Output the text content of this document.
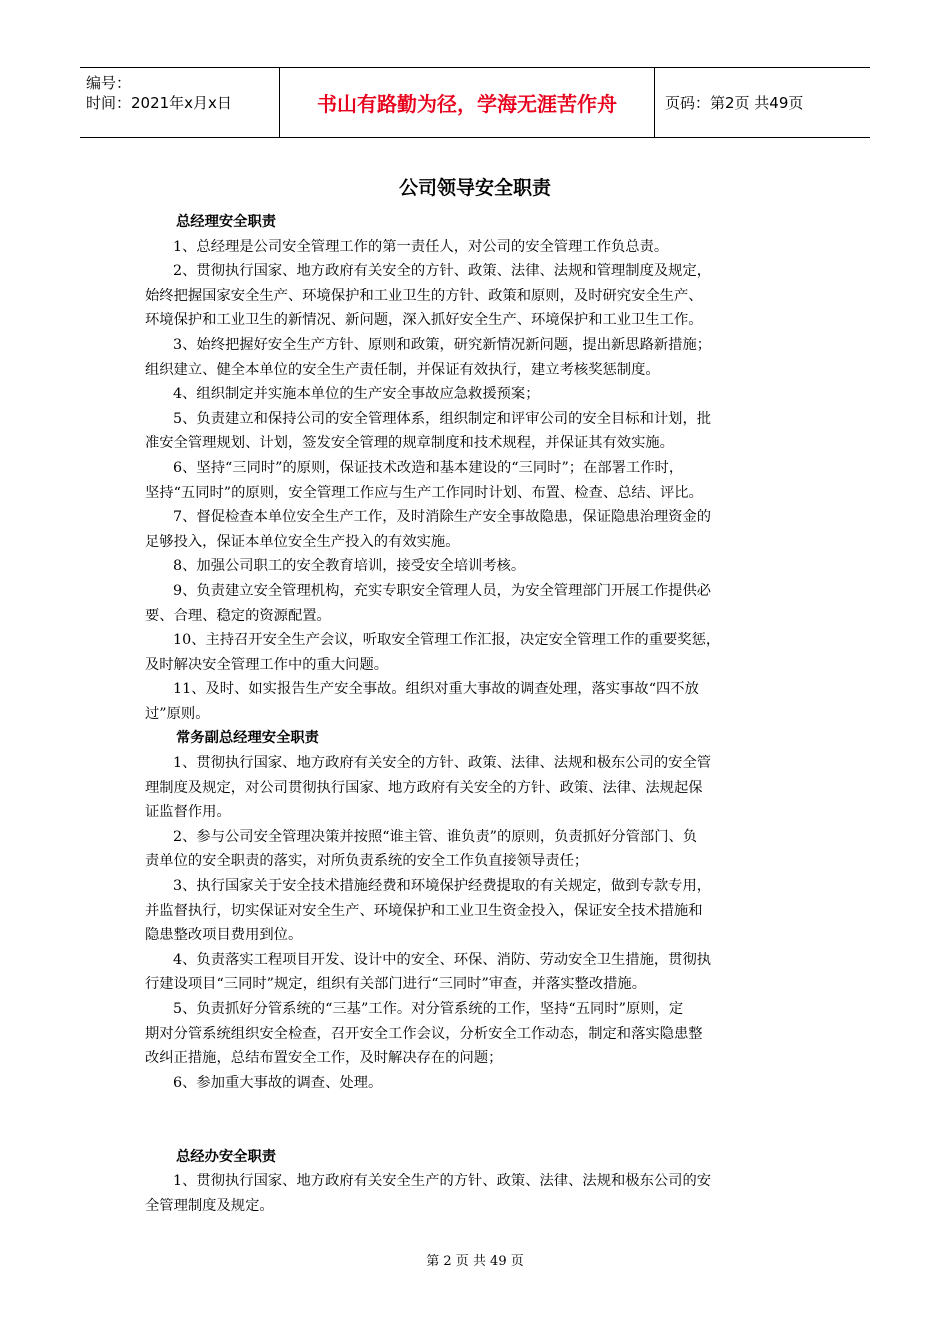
编号：
时间：2021年x月x日	书山有路勤为径，学海无涯苦作舟	页码：第2页 共49页
公司领导安全职责
总经理安全职责
1、总经理是公司安全管理工作的第一责任人，对公司的安全管理工作负总责。
2、贯彻执行国家、地方政府有关安全的方针、政策、法律、法规和管理制度及规定，
始终把握国家安全生产、环境保护和工业卫生的方针、政策和原则，及时研究安全生产、
环境保护和工业卫生的新情况、新问题，深入抓好安全生产、环境保护和工业卫生工作。
3、始终把握好安全生产方针、原则和政策，研究新情况新问题，提出新思路新措施；
组织建立、健全本单位的安全生产责任制，并保证有效执行，建立考核奖惩制度。
4、组织制定并实施本单位的生产安全事故应急救援预案；
5、负责建立和保持公司的安全管理体系，组织制定和评审公司的安全目标和计划，批
准安全管理规划、计划，签发安全管理的规章制度和技术规程，并保证其有效实施。
6、坚持“三同时”的原则，保证技术改造和基本建设的“三同时”；在部署工作时，
坚持“五同时”的原则，安全管理工作应与生产工作同时计划、布置、检查、总结、评比。
7、督促检查本单位安全生产工作，及时消除生产安全事故隐患，保证隐患治理资金的
足够投入，保证本单位安全生产投入的有效实施。
8、加强公司职工的安全教育培训，接受安全培训考核。
9、负责建立安全管理机构，充实专职安全管理人员，为安全管理部门开展工作提供必
要、合理、稳定的资源配置。
10、主持召开安全生产会议，听取安全管理工作汇报，决定安全管理工作的重要奖惩，
及时解决安全管理工作中的重大问题。
11、及时、如实报告生产安全事故。组织对重大事故的调查处理，落实事故“四不放
过”原则。
常务副总经理安全职责
1、贯彻执行国家、地方政府有关安全的方针、政策、法律、法规和极东公司的安全管
理制度及规定，对公司贯彻执行国家、地方政府有关安全的方针、政策、法律、法规起保
证监督作用。
2、参与公司安全管理决策并按照“谁主管、谁负责”的原则，负责抓好分管部门、负
责单位的安全职责的落实，对所负责系统的安全工作负直接领导责任；
3、执行国家关于安全技术措施经费和环境保护经费提取的有关规定，做到专款专用，
并监督执行，切实保证对安全生产、环境保护和工业卫生资金投入，保证安全技术措施和
隐患整改项目费用到位。
4、负责落实工程项目开发、设计中的安全、环保、消防、劳动安全卫生措施，贯彻执
行建设项目“三同时”规定，组织有关部门进行“三同时”审查，并落实整改措施。
5、负责抓好分管系统的“三基”工作。对分管系统的工作，坚持“五同时”原则，定
期对分管系统组织安全检查，召开安全工作会议，分析安全工作动态，制定和落实隐患整
改纠正措施，总结布置安全工作，及时解决存在的问题；
6、参加重大事故的调查、处理。
总经办安全职责
1、贯彻执行国家、地方政府有关安全生产的方针、政策、法律、法规和极东公司的安
全管理制度及规定。
第 2 页 共 49 页
